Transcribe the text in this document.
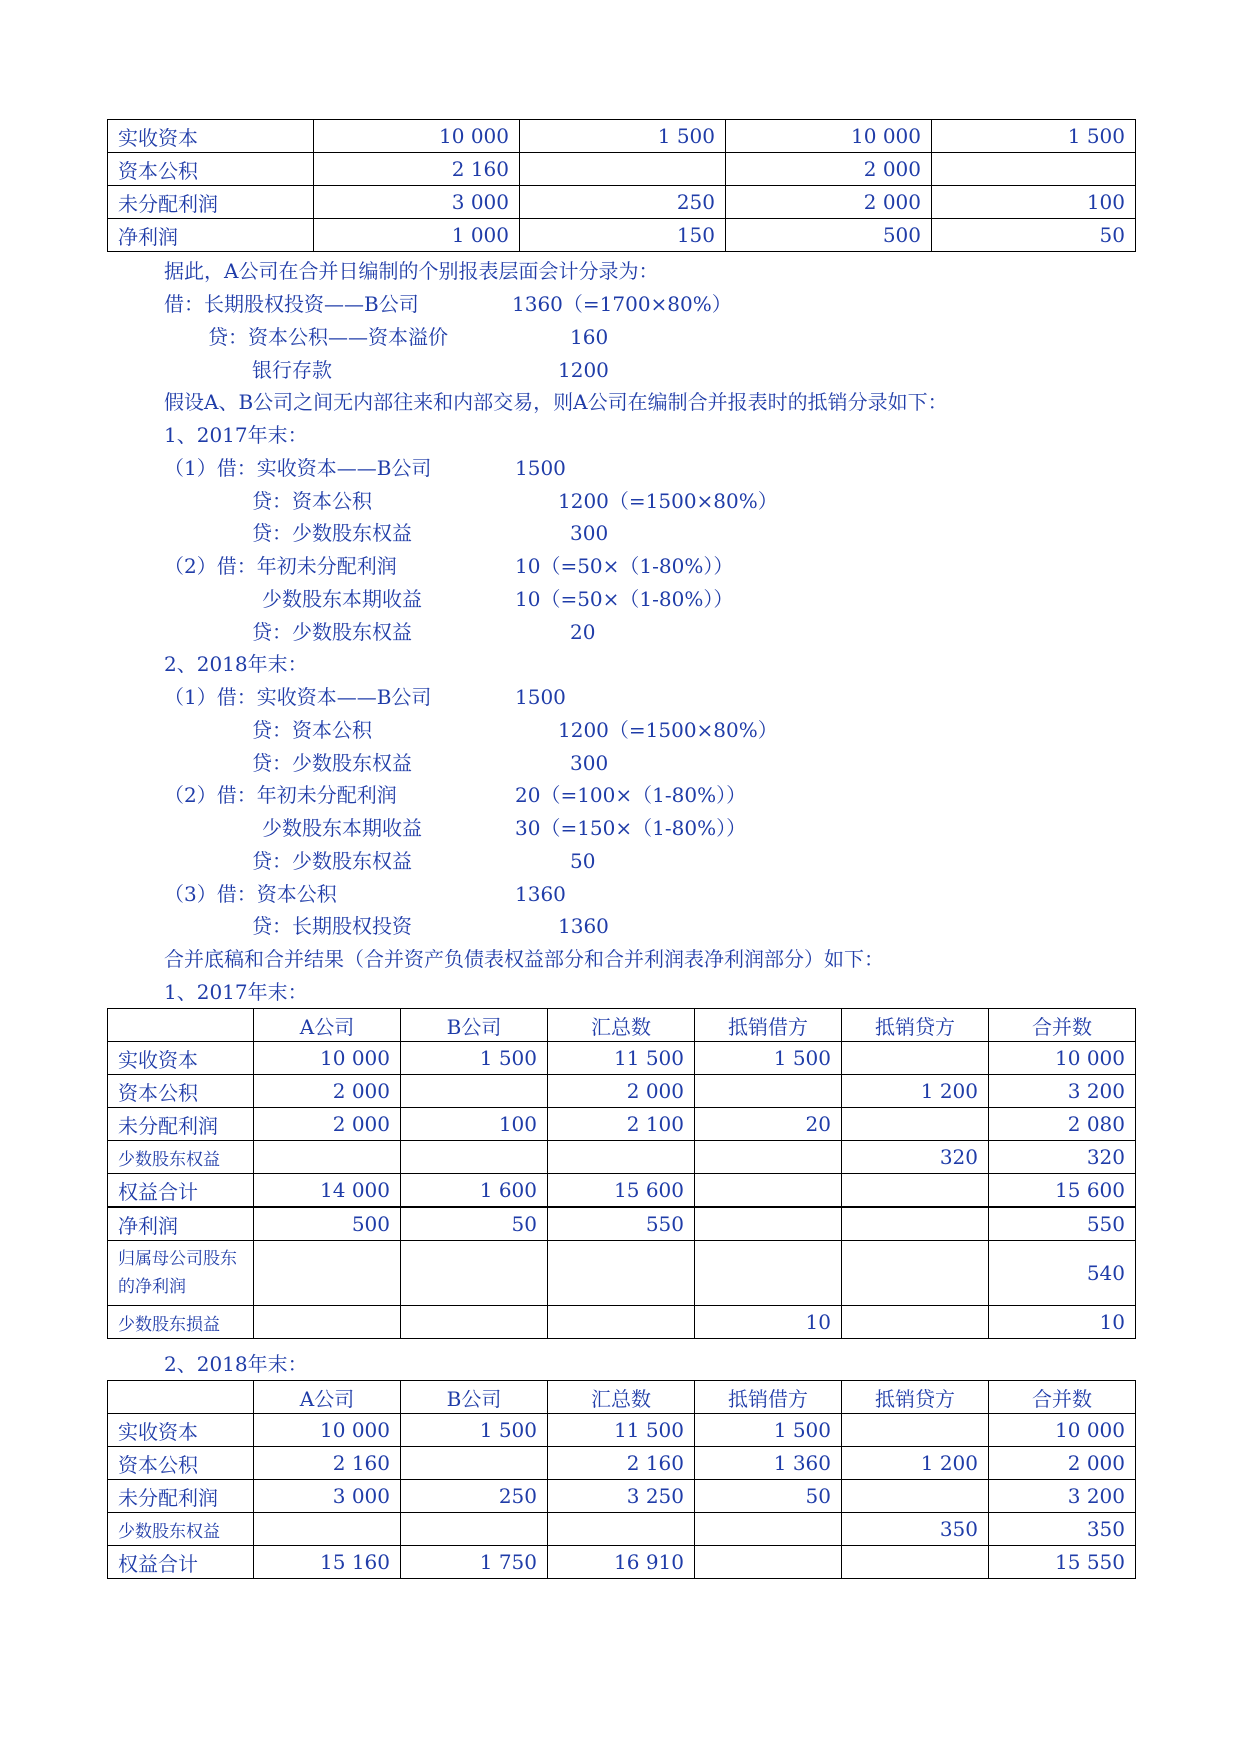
实收资本	10 000	1 500	10 000	1 500
资本公积	2 160		2 000	
未分配利润	3 000	250	2 000	100
净利润	1 000	150	500	50
据此，A公司在合并日编制的个别报表层面会计分录为：
借：长期股权投资——B公司	1360（=1700×80%）
贷：资本公积——资本溢价	160
银行存款	1200
假设A、B公司之间无内部往来和内部交易，则A公司在编制合并报表时的抵销分录如下：
1、2017年末：
（1）借：实收资本——B公司	1500
贷：资本公积	1200（=1500×80%）
贷：少数股东权益	300
（2）借：年初未分配利润	10（=50×（1-80%））
少数股东本期收益	10（=50×（1-80%））
贷：少数股东权益	20
2、2018年末：
（1）借：实收资本——B公司	1500
贷：资本公积	1200（=1500×80%）
贷：少数股东权益	300
（2）借：年初未分配利润	20（=100×（1-80%））
少数股东本期收益	30（=150×（1-80%））
贷：少数股东权益	50
（3）借：资本公积	1360
贷：长期股权投资	1360
合并底稿和合并结果（合并资产负债表权益部分和合并利润表净利润部分）如下：
1、2017年末：
	A公司	B公司	汇总数	抵销借方	抵销贷方	合并数
实收资本	10 000	1 500	11 500	1 500		10 000
资本公积	2 000		2 000		1 200	3 200
未分配利润	2 000	100	2 100	20		2 080
少数股东权益					320	320
权益合计	14 000	1 600	15 600			15 600
净利润	500	50	550			550
归属母公司股东的净利润						540
少数股东损益				10		10
2、2018年末：
	A公司	B公司	汇总数	抵销借方	抵销贷方	合并数
实收资本	10 000	1 500	11 500	1 500		10 000
资本公积	2 160		2 160	1 360	1 200	2 000
未分配利润	3 000	250	3 250	50		3 200
少数股东权益					350	350
权益合计	15 160	1 750	16 910			15 550
